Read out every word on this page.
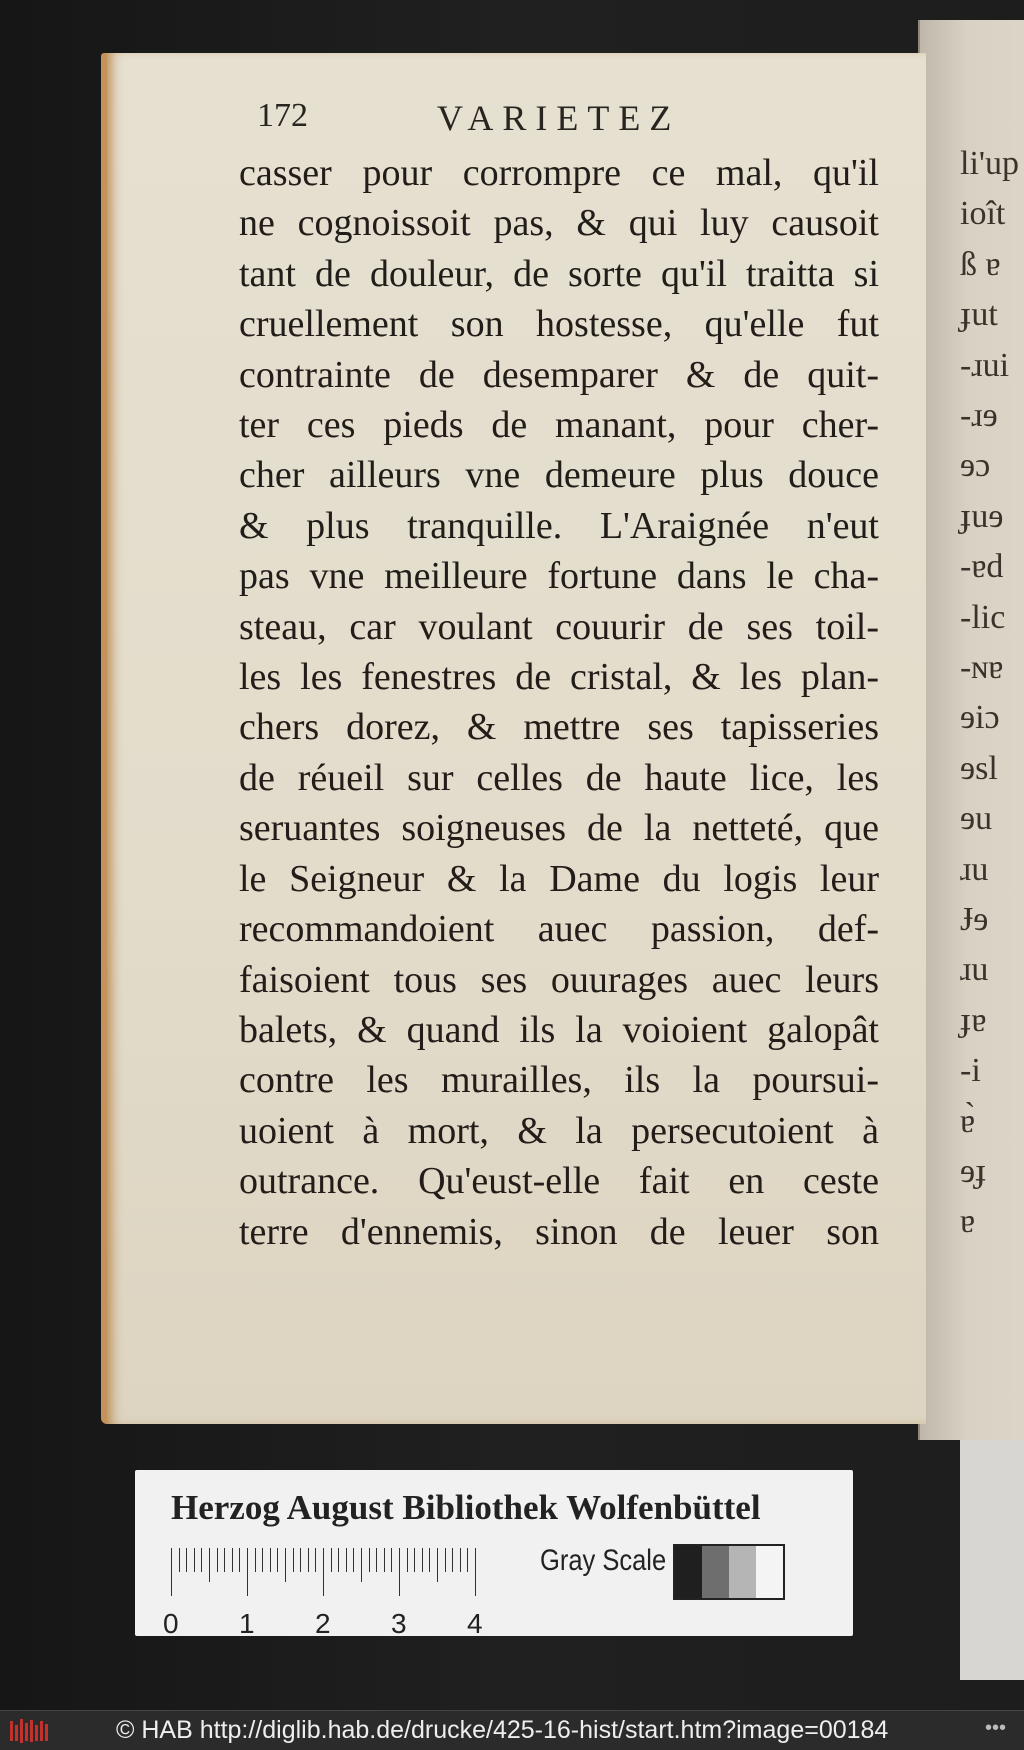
li'up
ioît
ß ɐ
ɟut
-ɹui
-ɹɘ
ɘɔ
ɟuɘ
-ɐd
-lic
-ɴɐ
ɘiɔ
ɘsl
ɘu
ɹu
Ɉɘ
ɹu
ɟɐ
-i
ɐ̀
ɘɟ
ɐ
172	VARIETEZ
casser pour corrompre ce mal, qu'il
ne cognoissoit pas, & qui luy causoit
tant de douleur, de sorte qu'il traitta si
cruellement son hostesse, qu'elle fut
contrainte de desemparer & de quit-
ter ces pieds de manant, pour cher-
cher ailleurs vne demeure plus douce
& plus tranquille. L'Araignée n'eut
pas vne meilleure fortune dans le cha-
steau, car voulant couurir de ses toil-
les les fenestres de cristal, & les plan-
chers dorez, & mettre ses tapisseries
de réueil sur celles de haute lice, les
seruantes soigneuses de la netteté, que
le Seigneur & la Dame du logis leur
recommandoient auec passion, def-
faisoient tous ses ouurages auec leurs
balets, & quand ils la voioient galopât
contre les murailles, ils la poursui-
uoient à mort, & la persecutoient à
outrance. Qu'eust-elle fait en ceste
terre d'ennemis, sinon de leuer son
Herzog August Bibliothek Wolfenbüttel
0 1 2 3 4
Gray Scale
© HAB http://diglib.hab.de/drucke/425-16-hist/start.htm?image=00184	•••
